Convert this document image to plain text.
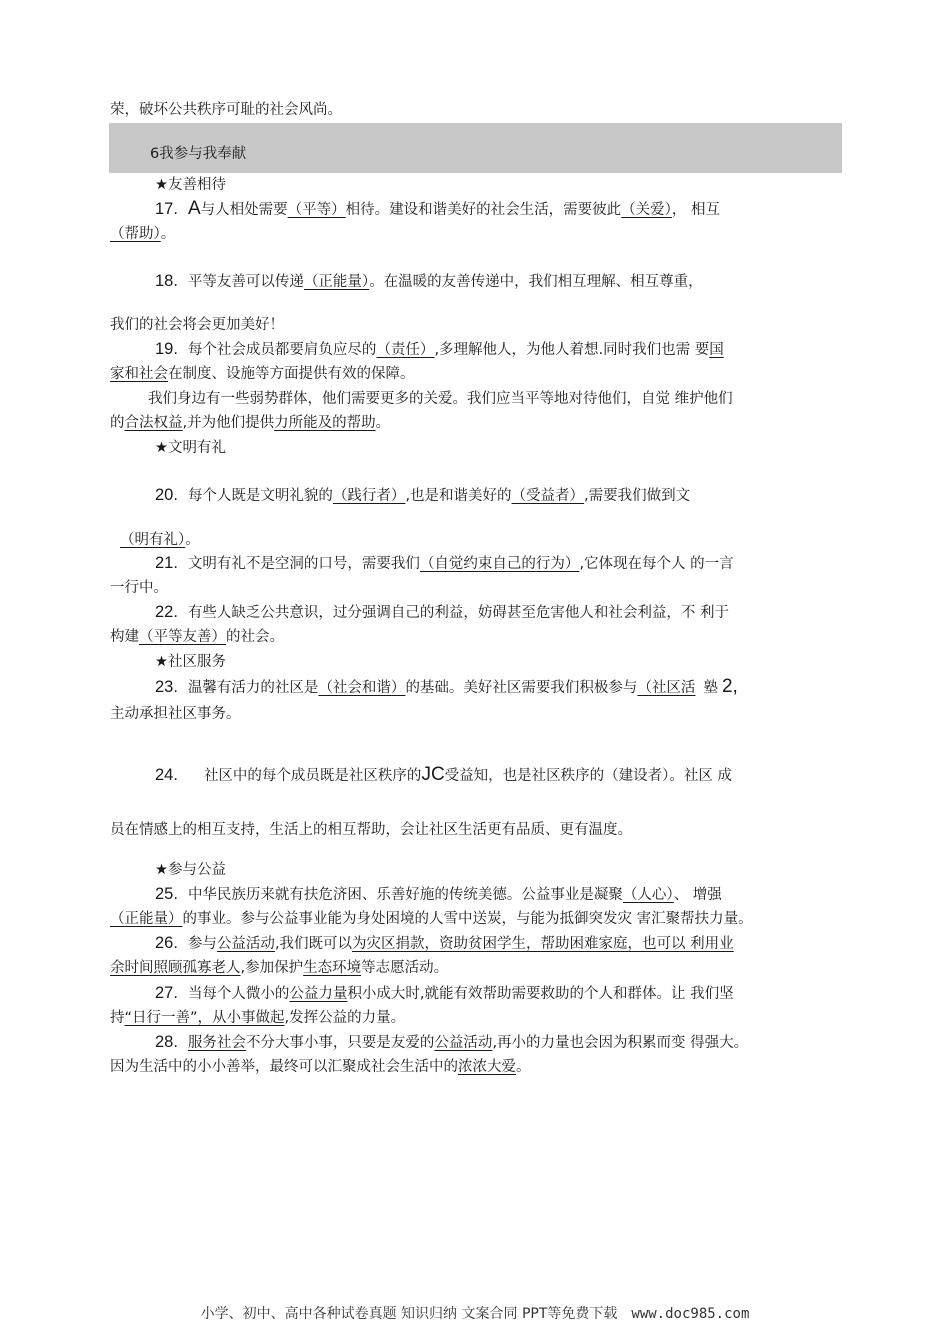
荣，破坏公共秩序可耻的社会风尚。
6我参与我奉献
★友善相待
17. A与人相处需要（平等）相待。建设和谐美好的社会生活，需要彼此（关爱）， 相互
（帮助）。
18. 平等友善可以传递（正能量）。在温暖的友善传递中，我们相互理解、相互尊重，
我们的社会将会更加美好！
19. 每个社会成员都要肩负应尽的（责任）,多理解他人，为他人着想.同时我们也需 要国
家和社会在制度、设施等方面提供有效的保障。
我们身边有一些弱势群体，他们需要更多的关爱。我们应当平等地对待他们，自觉 维护他们
的合法权益,并为他们提供力所能及的帮助。
★文明有礼
20. 每个人既是文明礼貌的（践行者）,也是和谐美好的（受益者）,需要我们做到文
（明有礼）。
21. 文明有礼不是空洞的口号，需要我们（自觉约束自己的行为）,它体现在每个人 的一言
一行中。
22. 有些人缺乏公共意识，过分强调自己的利益，妨碍甚至危害他人和社会利益，不 利于
构建（平等友善）的社会。
★社区服务
23. 温馨有活力的社区是（社会和谐）的基础。美好社区需要我们积极参与（社区活 塾 2,
主动承担社区事务。
24. 社区中的每个成员既是社区秩序的JC受益知，也是社区秩序的（建设者）。社区 成
员在情感上的相互支持，生活上的相互帮助，会让社区生活更有品质、更有温度。
★参与公益
25. 中华民族历来就有扶危济困、乐善好施的传统美德。公益事业是凝聚（人心）、 增强
（正能量）的事业。参与公益事业能为身处困境的人雪中送炭，与能为抵御突发灾 害汇聚帮扶力量。
26. 参与公益活动,我们既可以为灾区捐款，资助贫困学生，帮助困难家庭，也可以 利用业
余时间照顾孤寡老人,参加保护生态环境等志愿活动。
27. 当每个人微小的公益力量积小成大时,就能有效帮助需要救助的个人和群体。让 我们坚
持“日行一善”，从小事做起,发挥公益的力量。
28. 服务社会不分大事小事，只要是友爱的公益活动,再小的力量也会因为积累而变 得强大。
因为生活中的小小善举，最终可以汇聚成社会生活中的浓浓大爱。
小学、初中、高中各种试卷真题 知识归纳 文案合同 PPT等免费下载 www.doc985.com
